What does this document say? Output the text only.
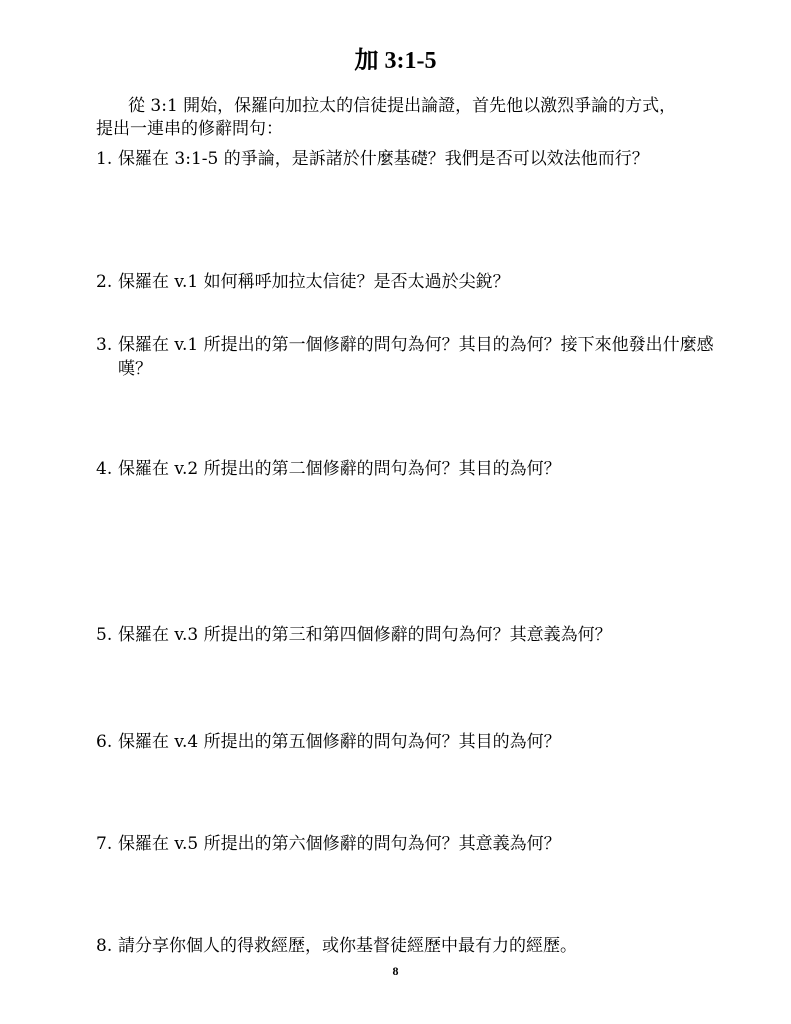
加 3:1-5
從 3:1 開始，保羅向加拉太的信徒提出論證，首先他以激烈爭論的方式，
提出一連串的修辭問句：
1. 保羅在 3:1-5 的爭論，是訴諸於什麼基礎？我們是否可以效法他而行？
2. 保羅在 v.1 如何稱呼加拉太信徒？是否太過於尖銳？
3. 保羅在 v.1 所提出的第一個修辭的問句為何？其目的為何？接下來他發出什麼感嘆？
4. 保羅在 v.2 所提出的第二個修辭的問句為何？其目的為何？
5. 保羅在 v.3 所提出的第三和第四個修辭的問句為何？其意義為何？
6. 保羅在 v.4 所提出的第五個修辭的問句為何？其目的為何？
7. 保羅在 v.5 所提出的第六個修辭的問句為何？其意義為何？
8. 請分享你個人的得救經歷，或你基督徒經歷中最有力的經歷。
8
